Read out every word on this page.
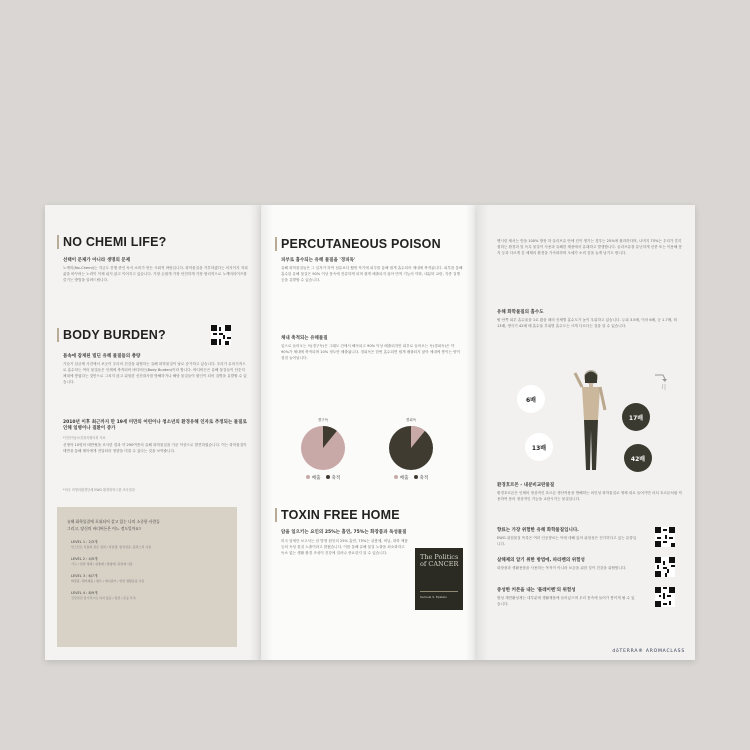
NO CHEMI LIFE?
선택이 문제가 아니라 생명의 문제
노케미(No-Chemi)는 지금도 진행 중인 독서 소비가 만든 시회적 바람입니다. 화학물질을 거부하겠다는 의지이지 저희 삶을 바꾸려는 노력이 이제 쉬지 않고 이어지고 있습니다. 가장 손쉽게 가장 안전하게 가장 합리적으로 노케미라이프를 즐기는 방법을 알려드립니다.
BODY BURDEN?
몸속에 잠재된 빌딘 유해 물질들의 총량
가습기 살균제 사건에서 보듯이 우리의 건강을 위협하는 유해 화학물질이 날로 증가하고 있습니다. 우리가 무의식적으로 흡수하는 여러 물질들은 인체에 축적되어 바디버든(Body Burden)이라 합니다. 바디버든은 유해 물질들이 단순히 체내에 쌓였다는 것만으로 그치지 않고 위험한 신진대사를 방해하거나 해당 물질들이 원인이 되어 질병을 유발할 수 있습니다.
2010년 이후 최근까지 만 19세 미만의 어린이나 청소년의 환경유해 인자로 추정되는 물질로 인해 일병이나 질환이 증가
*인천아동보건복지협의회 자료
신생아 10명의 태반혈을 조사한 결과 약 290여종의 유해 화학물질을 기준 이상으로 발견하였습니다. 이는 화학물질이 태반을 통해 태아에게 전달되어 영향을 미칠 수 있다는 것을 보여줍니다.
*미국 비영리환경단체 EWG 환경화학그룹 조사결과
유해 화학물질에 포위되어 살고 있는 나의 소중한 사람들
그리고, 당신의 바디버든은 어느 정도일까요?
LEVEL 1 : 2/3개
인스턴트 식품의 잦은 섭취 / 비닐랩, 합성섬유, 플라스틱 사용
LEVEL 2 : 4/5개
가구 / 일반 세제 / 살충제 / 방향제, 탈취제 사용
LEVEL 3 : 6/7개
화장품, 헤어제품 / 향수 / 매니큐어 / 일반 생활용품 사용
LEVEL 4 : 8/9개
건강검진 정기적으로 하지 않음 / 흡연 / 운동 부족
PERCUTANEOUS POISON
피부로 흡수되는 유해 물질을 '경피독'
유해 화학물질들은 그 입자가 하여 섬유보다 훨씬 작기에 피부를 통해 쉽게 흡수되어 체내에 축적됩니다. 피부를 통해 흡수된 유해 물질은 90% 이상 몸속에 잔류하게 되며 쉽게 배출되지 않아 면역 기능의 약화, 내분비 교란, 각종 질병 등을 유발할 수 있습니다.
체내 축적되는 유해물질
입으로 들어오는 독(경구독)은 그래도 간에서 해독되고 90% 이상 배출되지만 피부로 들어오는 독(경피독)은 약 90%가 체내에 축적되며 10% 정도만 배출됩니다. 경피독은 한번 흡수되면 쉽게 배출되지 않아 체내에 쌓이는 양이 점점 늘어납니다.
경구독
배출	축적
경피독
배출	축적
TOXIN FREE HOME
암을 일으키는 요인의 25%는 흡연, 75%는 화장품과 독성물질
미국 암재단 보고서는 암 발생 원인의 25% 흡연, 75%는 살충제, 비닐, 화학 제품 등의 독성 물질 노출이라고 밝혔습니다. 이를 통해 유해 물질 노출을 최소화하고 독소 없는 생활 환경 조성이 건강에 얼마나 중요한지 알 수 있습니다.	The Politics of CANCER
Samuel S. Epstein
엔시린 체서는 만을 100% 방장 하 올리브유 안에 진이 생기는 경우는 25%에 불과하다며, 나머지 75%는 우리가 흔히 접하는 환경과 및 독특 물질이 사용과 유해한 제품에서 유래하고 발생합니다. 올리브유를 유난하게 신중 또는 이용해 봉지 등과 다르게 본 체제의 환경을 가속화하며 오메가 소비 감을 늘게 남기도 합니다.
유해 화학물질의 흡수도
팔 안쪽 피부 흡수율을 1로 봤을 때의 신체별 흡수도가 높이 우위하고 있습니다. 두피 3.5배, 이마 6배, 등 1.7배, 턱 13배, 생식기 42배 배 흡수율 부위별 흡수도는 크게 다르다는 것을 알 수 있습니다.
6배
17배
13배
42배
환경호르몬 - 내분비교란물질
환경호르몬은 인체의 정상적인 호르몬 생산작용을 방해하는 외인성 화학물질로 생체 내로 들어가면 마치 호르몬처럼 작용하여 몸의 정상적인 기능을 교란시키는 물질입니다.
향료는 가장 위험한 유해 화학물질입니다.
EWG 위험물질 목록은 여러 인공향료는 이에 대해 있어 위험성은 전기하다고 있는 유향입니다.
살해제의 알기 위한 방법에, 파라벤의 위험성
화장품과 생활용품을 사용하는 목적이 아니라 보존을 위한 것이 건강을 위협합니다.
중성한 커튼을 내는 '플레이벤'의 위험성
합성 계면활성제는 대부분에 생활제품에 들어있으며 우리 몸속에 들어가 쌓이게 될 수 있습니다.
dōTERRA® AROMACLASS
